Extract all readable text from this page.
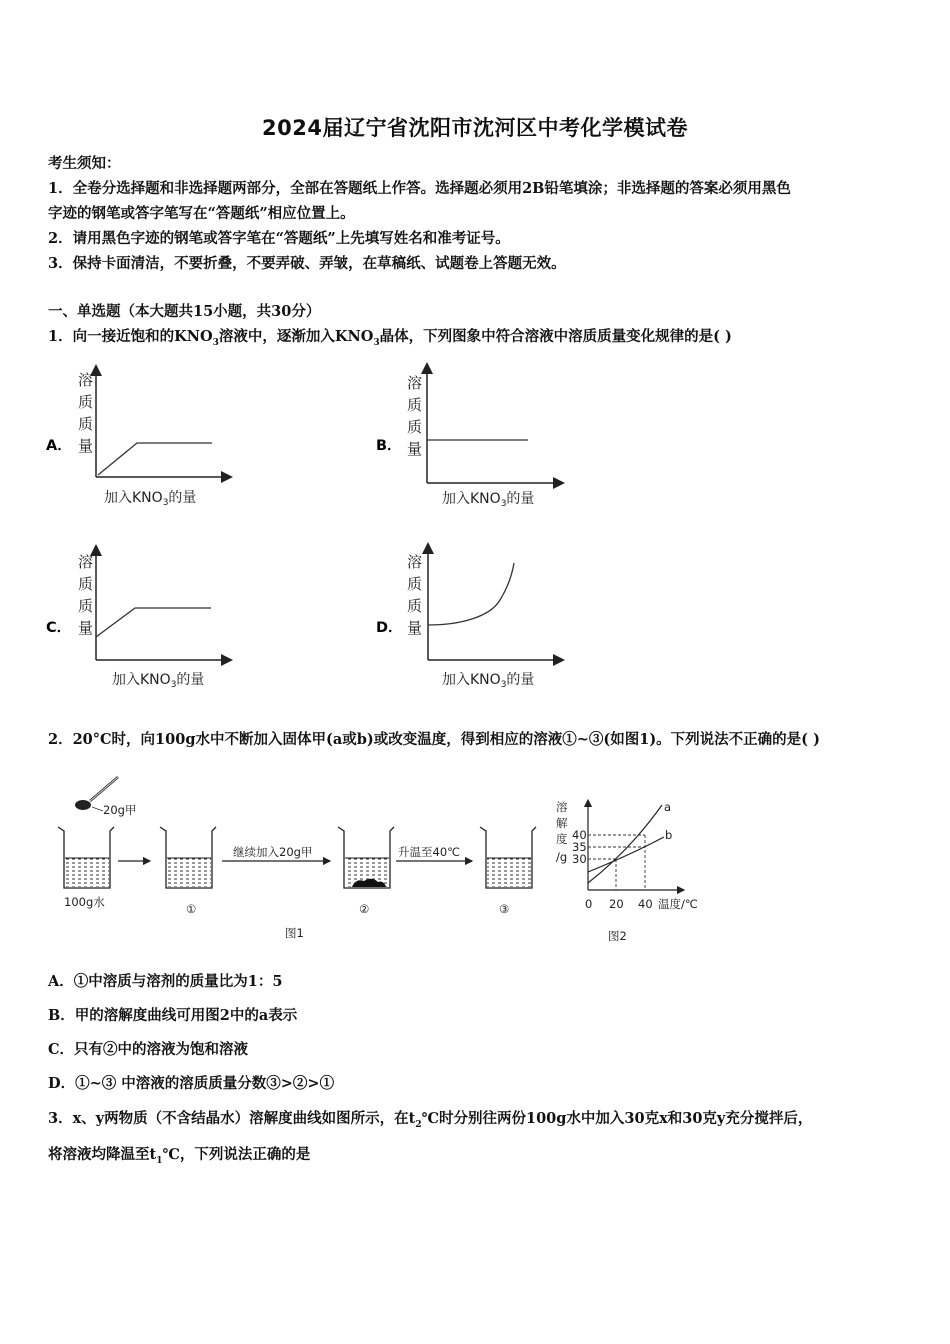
2024届辽宁省沈阳市沈河区中考化学模试卷
考生须知：
1．全卷分选择题和非选择题两部分，全部在答题纸上作答。选择题必须用2B铅笔填涂；非选择题的答案必须用黑色
字迹的钢笔或答字笔写在“答题纸”相应位置上。
2．请用黑色字迹的钢笔或答字笔在“答题纸”上先填写姓名和准考证号。
3．保持卡面清洁，不要折叠，不要弄破、弄皱，在草稿纸、试题卷上答题无效。
一、单选题（本大题共15小题，共30分）
1．向一接近饱和的$KNO_3$溶液中，逐渐加入$KNO_3$晶体，下列图象中符合溶液中溶质质量变化规律的是( )
A．
溶
质
质
量
加入$KNO_3$的量
B．
溶
质
质
量
加入$KNO_3$的量
C．
溶
质
质
量
加入$KNO_3$的量
D．
溶
质
质
量
加入$KNO_3$的量
2．20°C时，向100g水中不断加入固体甲(a或b)或改变温度，得到相应的溶液①~③(如图1)。下列说法不正确的是( )
20g甲
100g水	①
继续加入20g甲
②
升温至40℃
③
图1
溶
解
度
/g
40
35
30
a
b
0 20 40 温度/℃
图2
A．①中溶质与溶剂的质量比为1：5
B．甲的溶解度曲线可用图2中的a表示
C．只有②中的溶液为饱和溶液
D．①~③ 中溶液的溶质质量分数③>②>①
3．x、y两物质（不含结晶水）溶解度曲线如图所示，在$t_2℃$时分别往两份100g水中加入30克x和30克y充分搅拌后，
将溶液均降温至$t_1℃$，下列说法正确的是
